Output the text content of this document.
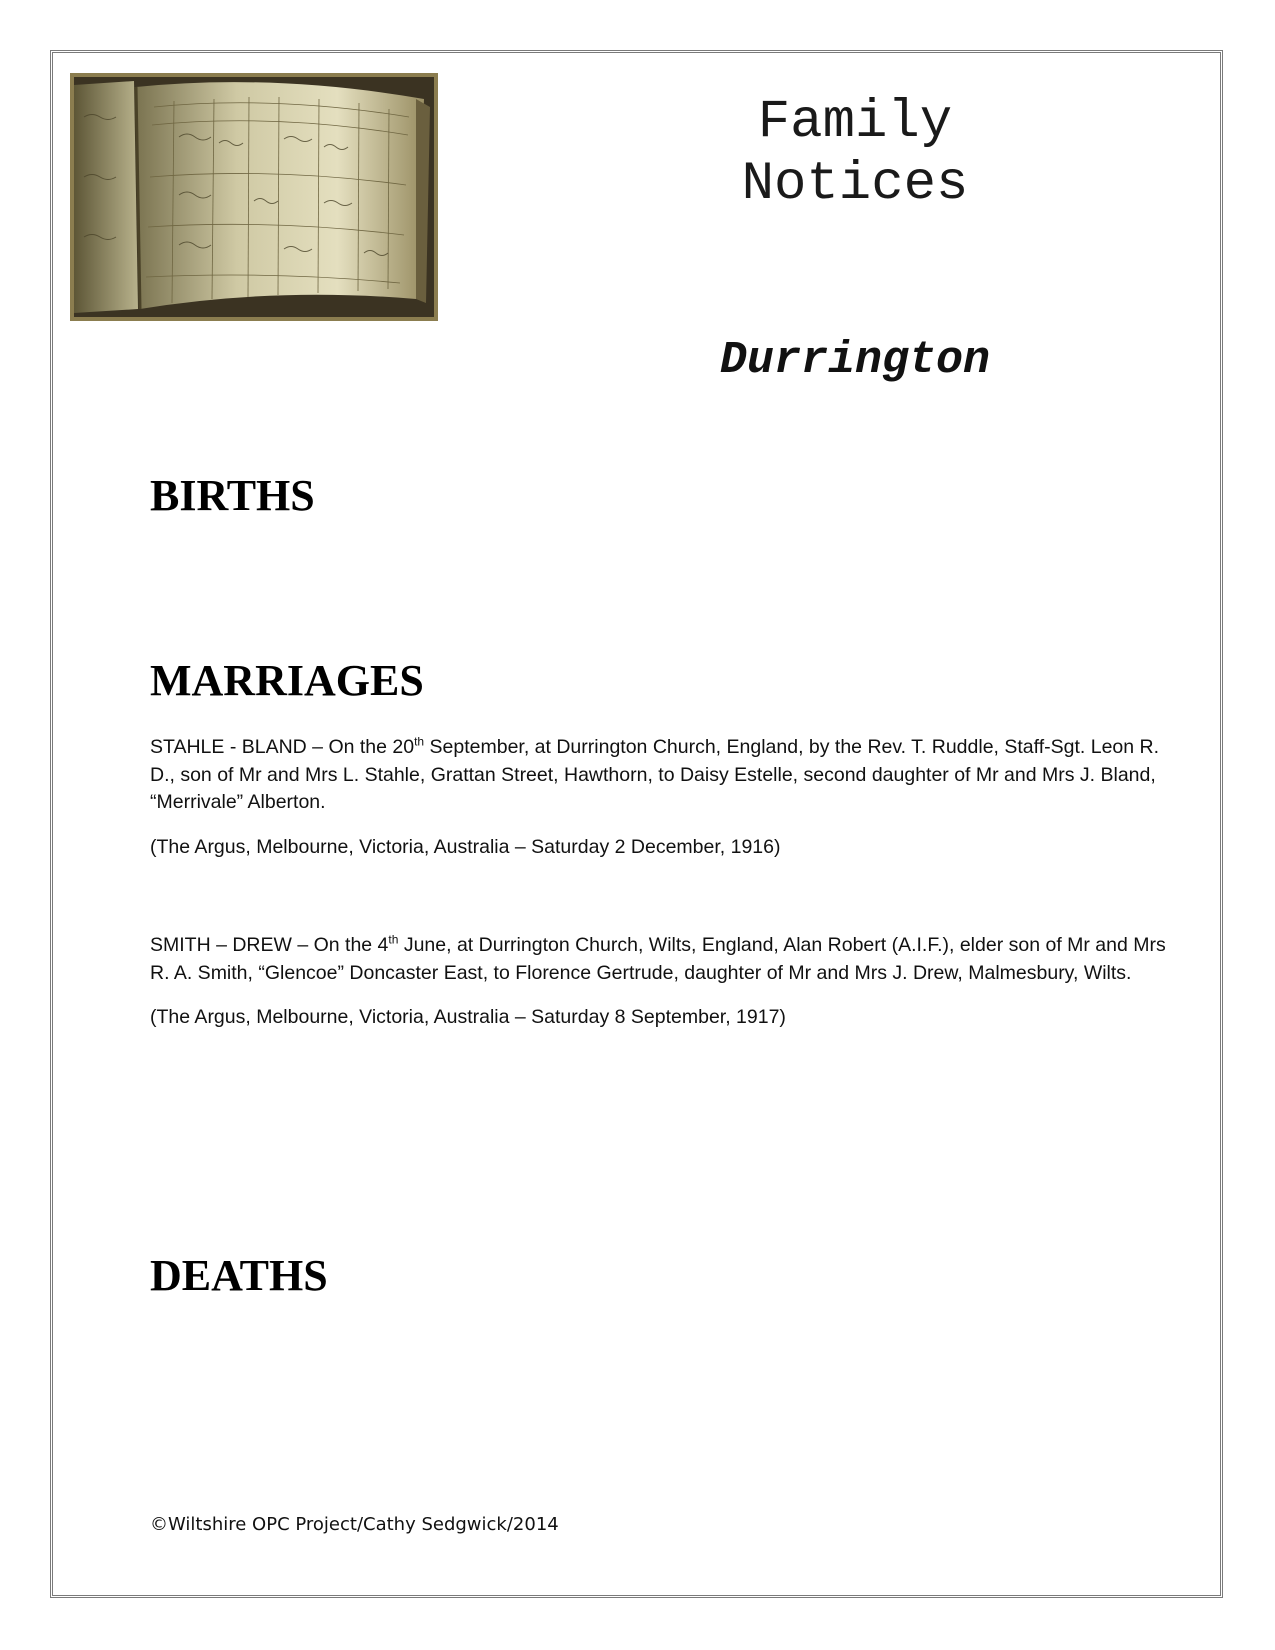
Family
Notices
Durrington
BIRTHS
MARRIAGES

STAHLE - BLAND – On the 20th September, at Durrington Church, England, by the Rev. T. Ruddle, Staff-Sgt. Leon R. D., son of Mr and Mrs L. Stahle, Grattan Street, Hawthorn, to Daisy Estelle, second daughter of Mr and Mrs J. Bland, “Merrivale” Alberton.

(The Argus, Melbourne, Victoria, Australia – Saturday 2 December, 1916)

SMITH – DREW – On the 4th June, at Durrington Church, Wilts, England, Alan Robert (A.I.F.), elder son of Mr and Mrs R. A. Smith, “Glencoe” Doncaster East, to Florence Gertrude, daughter of Mr and Mrs J. Drew, Malmesbury, Wilts.

(The Argus, Melbourne, Victoria, Australia – Saturday 8 September, 1917)

DEATHS
©Wiltshire OPC Project/Cathy Sedgwick/2014
